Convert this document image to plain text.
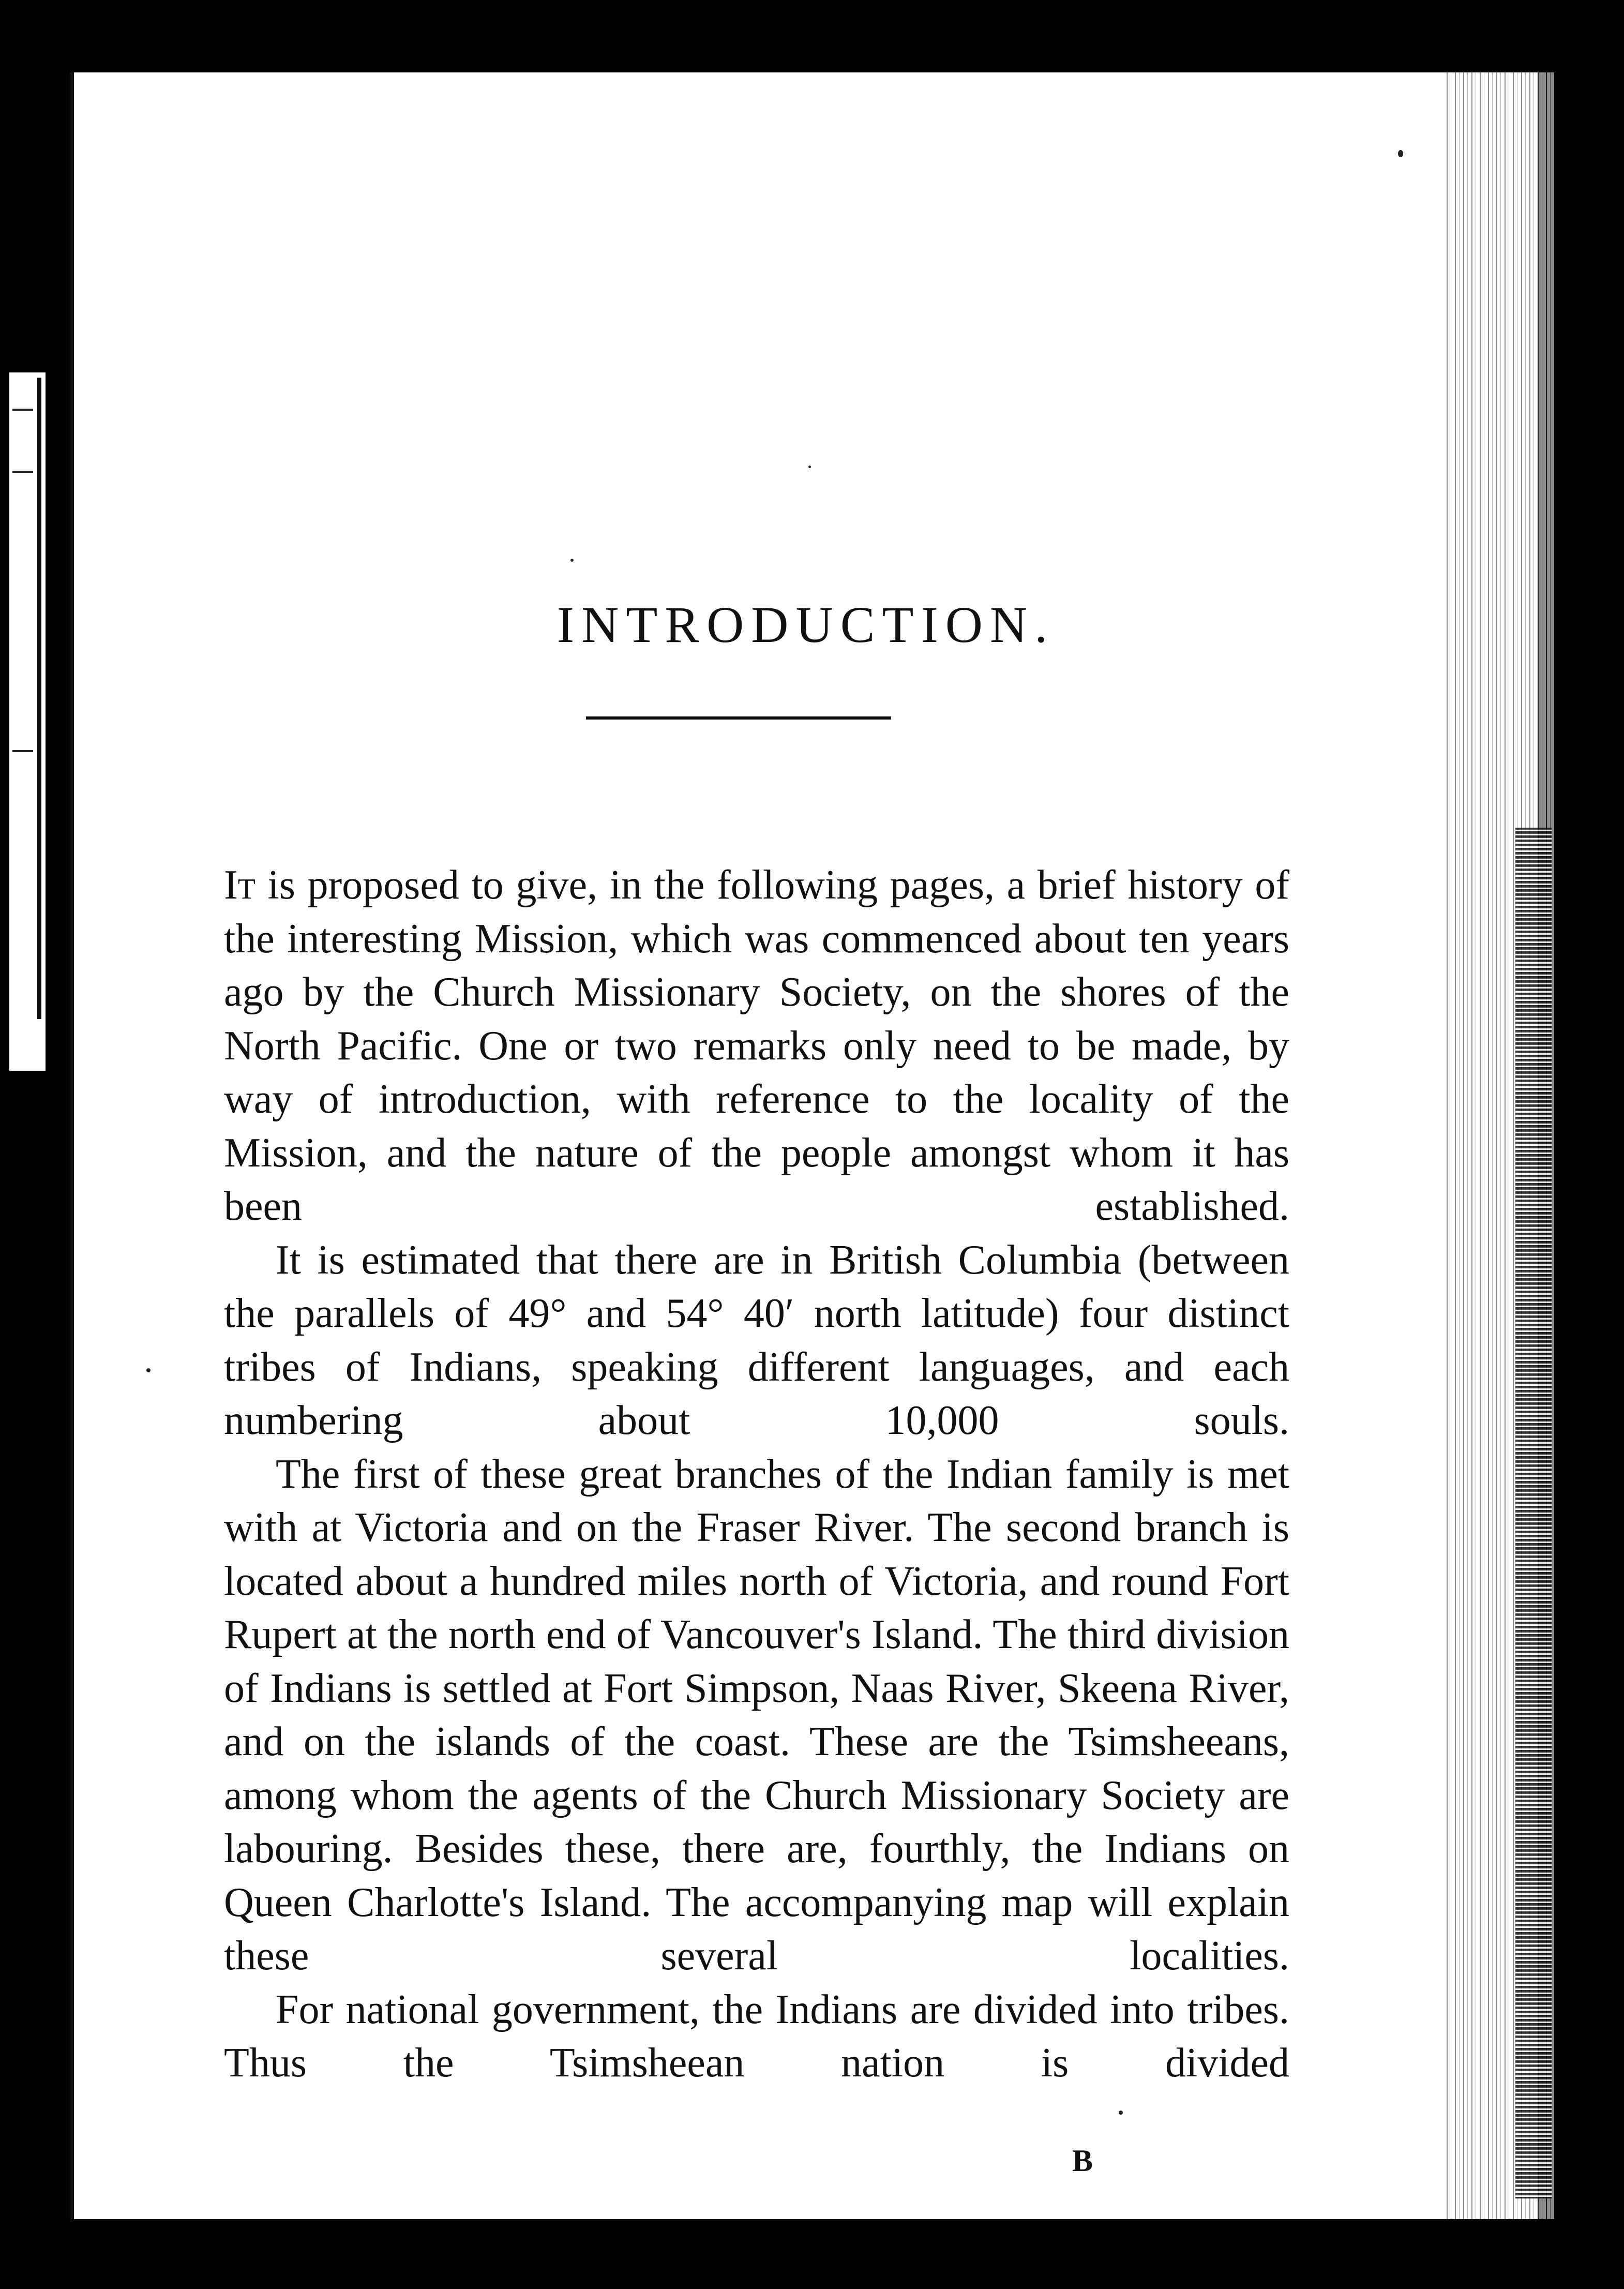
INTRODUCTION.

It is proposed to give, in the following pages, a brief history of the interesting Mission, which was commenced about ten years ago by the Church Missionary Society, on the shores of the North Pacific. One or two remarks only need to be made, by way of introduction, with reference to the locality of the Mission, and the nature of the people amongst whom it has been established.

It is estimated that there are in British Columbia (between the parallels of 49° and 54° 40′ north latitude) four distinct tribes of Indians, speaking different languages, and each numbering about 10,000 souls.

The first of these great branches of the Indian family is met with at Victoria and on the Fraser River. The second branch is located about a hundred miles north of Victoria, and round Fort Rupert at the north end of Vancouver's Island. The third division of Indians is settled at Fort Simpson, Naas River, Skeena River, and on the islands of the coast. These are the Tsimsheeans, among whom the agents of the Church Missionary Society are labouring. Besides these, there are, fourthly, the Indians on Queen Charlotte's Island. The accompanying map will explain these several localities.

For national government, the Indians are divided into tribes. Thus the Tsimsheean nation is divided

B
